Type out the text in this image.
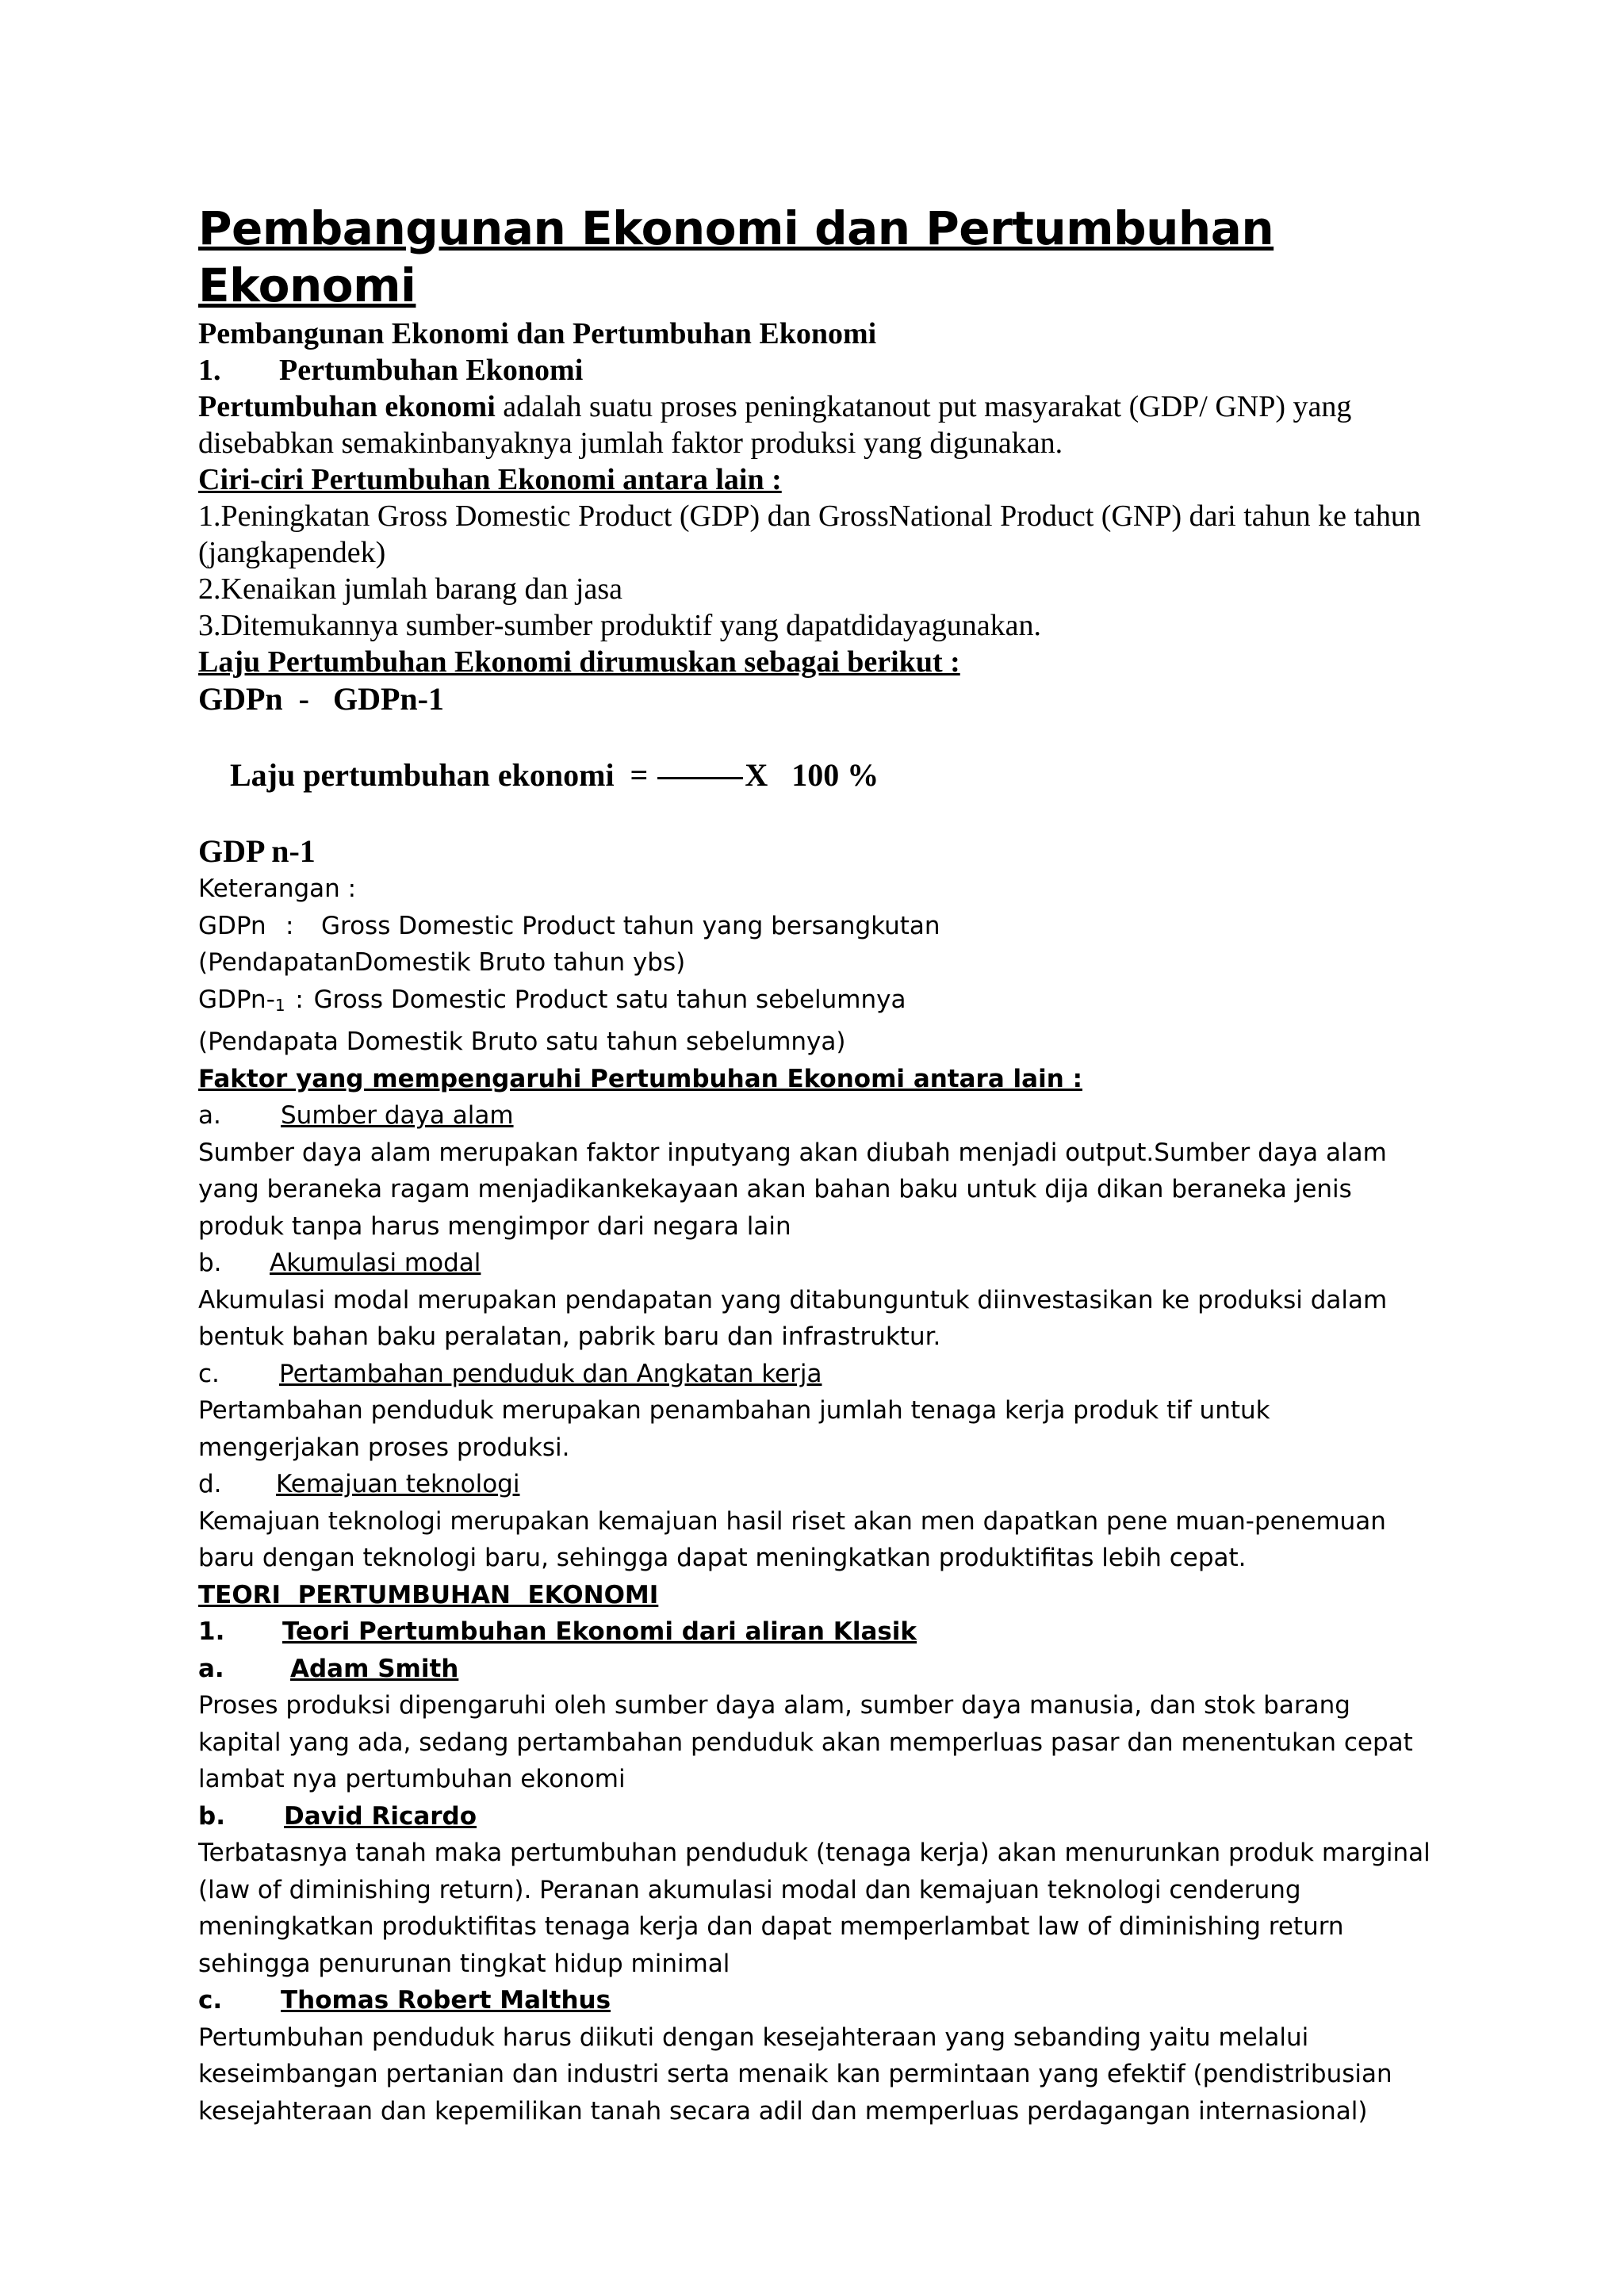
Pembangunan Ekonomi dan Pertumbuhan Ekonomi
Pembangunan Ekonomi dan Pertumbuhan Ekonomi
1. Pertumbuhan Ekonomi
Pertumbuhan ekonomi adalah suatu proses peningkatanout put masyarakat (GDP/ GNP) yang disebabkan semakinbanyaknya jumlah faktor produksi yang digunakan.
Ciri-ciri Pertumbuhan Ekonomi antara lain :
1.Peningkatan Gross Domestic Product (GDP) dan GrossNational Product (GNP) dari tahun ke tahun (jangkapendek)
2.Kenaikan jumlah barang dan jasa
3.Ditemukannya sumber-sumber produktif yang dapatdidayagunakan.
Laju Pertumbuhan Ekonomi dirumuskan sebagai berikut :
GDPn  -   GDPn-1

Laju pertumbuhan ekonomi  =	X   100 %

GDP n-1
Keterangan :
GDPn : Gross Domestic Product tahun yang bersangkutan
(PendapatanDomestik Bruto tahun ybs)
GDPn-$_1$ : Gross Domestic Product satu tahun sebelumnya
(Pendapata Domestik Bruto satu tahun sebelumnya)
Faktor yang mempengaruhi Pertumbuhan Ekonomi antara lain :
a. Sumber daya alam
Sumber daya alam merupakan faktor inputyang akan diubah menjadi output.Sumber daya alam yang beraneka ragam menjadikankekayaan akan bahan baku untuk dija dikan beraneka jenis produk tanpa harus mengimpor dari negara lain
b. Akumulasi modal
Akumulasi modal merupakan pendapatan yang ditabunguntuk diinvestasikan ke produksi dalam bentuk bahan baku peralatan, pabrik baru dan infrastruktur.
c. Pertambahan penduduk dan Angkatan kerja
Pertambahan penduduk merupakan penambahan jumlah tenaga kerja produk tif untuk mengerjakan proses produksi.
d. Kemajuan teknologi
Kemajuan teknologi merupakan kemajuan hasil riset akan men dapatkan pene muan-penemuan baru dengan teknologi baru, sehingga dapat meningkatkan produktifitas lebih cepat.
TEORI  PERTUMBUHAN  EKONOMI
1. Teori Pertumbuhan Ekonomi dari aliran Klasik
a.	Adam Smith
Proses produksi dipengaruhi oleh sumber daya alam, sumber daya manusia, dan stok barang kapital yang ada, sedang pertambahan penduduk akan memperluas pasar dan menentukan cepat lambat nya pertumbuhan ekonomi
b. David Ricardo
Terbatasnya tanah maka pertumbuhan penduduk (tenaga kerja) akan menurunkan produk marginal (law of diminishing return). Peranan akumulasi modal dan kemajuan teknologi cenderung meningkatkan produktifitas tenaga kerja dan dapat memperlambat law of diminishing return sehingga penurunan tingkat hidup minimal
c. Thomas Robert Malthus
Pertumbuhan penduduk harus diikuti dengan kesejahteraan yang sebanding yaitu melalui keseimbangan pertanian dan industri serta menaik kan permintaan yang efektif (pendistribusian kesejahteraan dan kepemilikan tanah secara adil dan memperluas perdagangan internasional)
